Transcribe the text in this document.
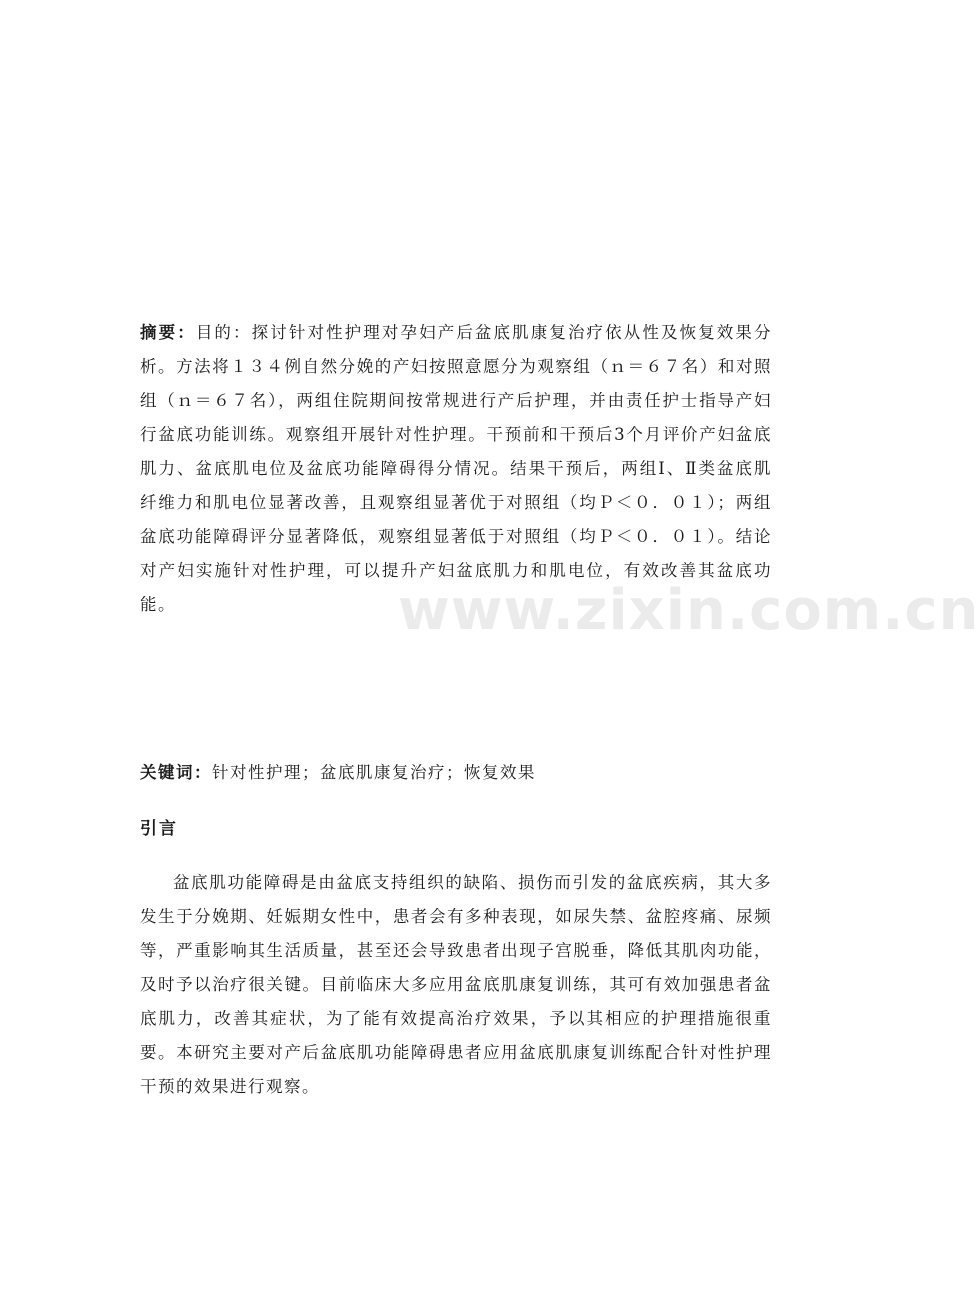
摘要：目的：探讨针对性护理对孕妇产后盆底肌康复治疗依从性及恢复效果分析。方法将１３４例自然分娩的产妇按照意愿分为观察组（ｎ＝６７名）和对照组（ｎ＝６７名），两组住院期间按常规进行产后护理，并由责任护士指导产妇行盆底功能训练。观察组开展针对性护理。干预前和干预后3个月评价产妇盆底肌力、盆底肌电位及盆底功能障碍得分情况。结果干预后，两组Ⅰ、Ⅱ类盆底肌纤维力和肌电位显著改善，且观察组显著优于对照组（均Ｐ＜０．０１）；两组盆底功能障碍评分显著降低，观察组显著低于对照组（均Ｐ＜０．０１）。结论对产妇实施针对性护理，可以提升产妇盆底肌力和肌电位，有效改善其盆底功能。

关键词：针对性护理；盆底肌康复治疗；恢复效果

引言

盆底肌功能障碍是由盆底支持组织的缺陷、损伤而引发的盆底疾病，其大多发生于分娩期、妊娠期女性中，患者会有多种表现，如尿失禁、盆腔疼痛、尿频等，严重影响其生活质量，甚至还会导致患者出现子宫脱垂，降低其肌肉功能，及时予以治疗很关键。目前临床大多应用盆底肌康复训练，其可有效加强患者盆底肌力，改善其症状，为了能有效提高治疗效果，予以其相应的护理措施很重要。本研究主要对产后盆底肌功能障碍患者应用盆底肌康复训练配合针对性护理干预的效果进行观察。

www.zixin.com.cn
